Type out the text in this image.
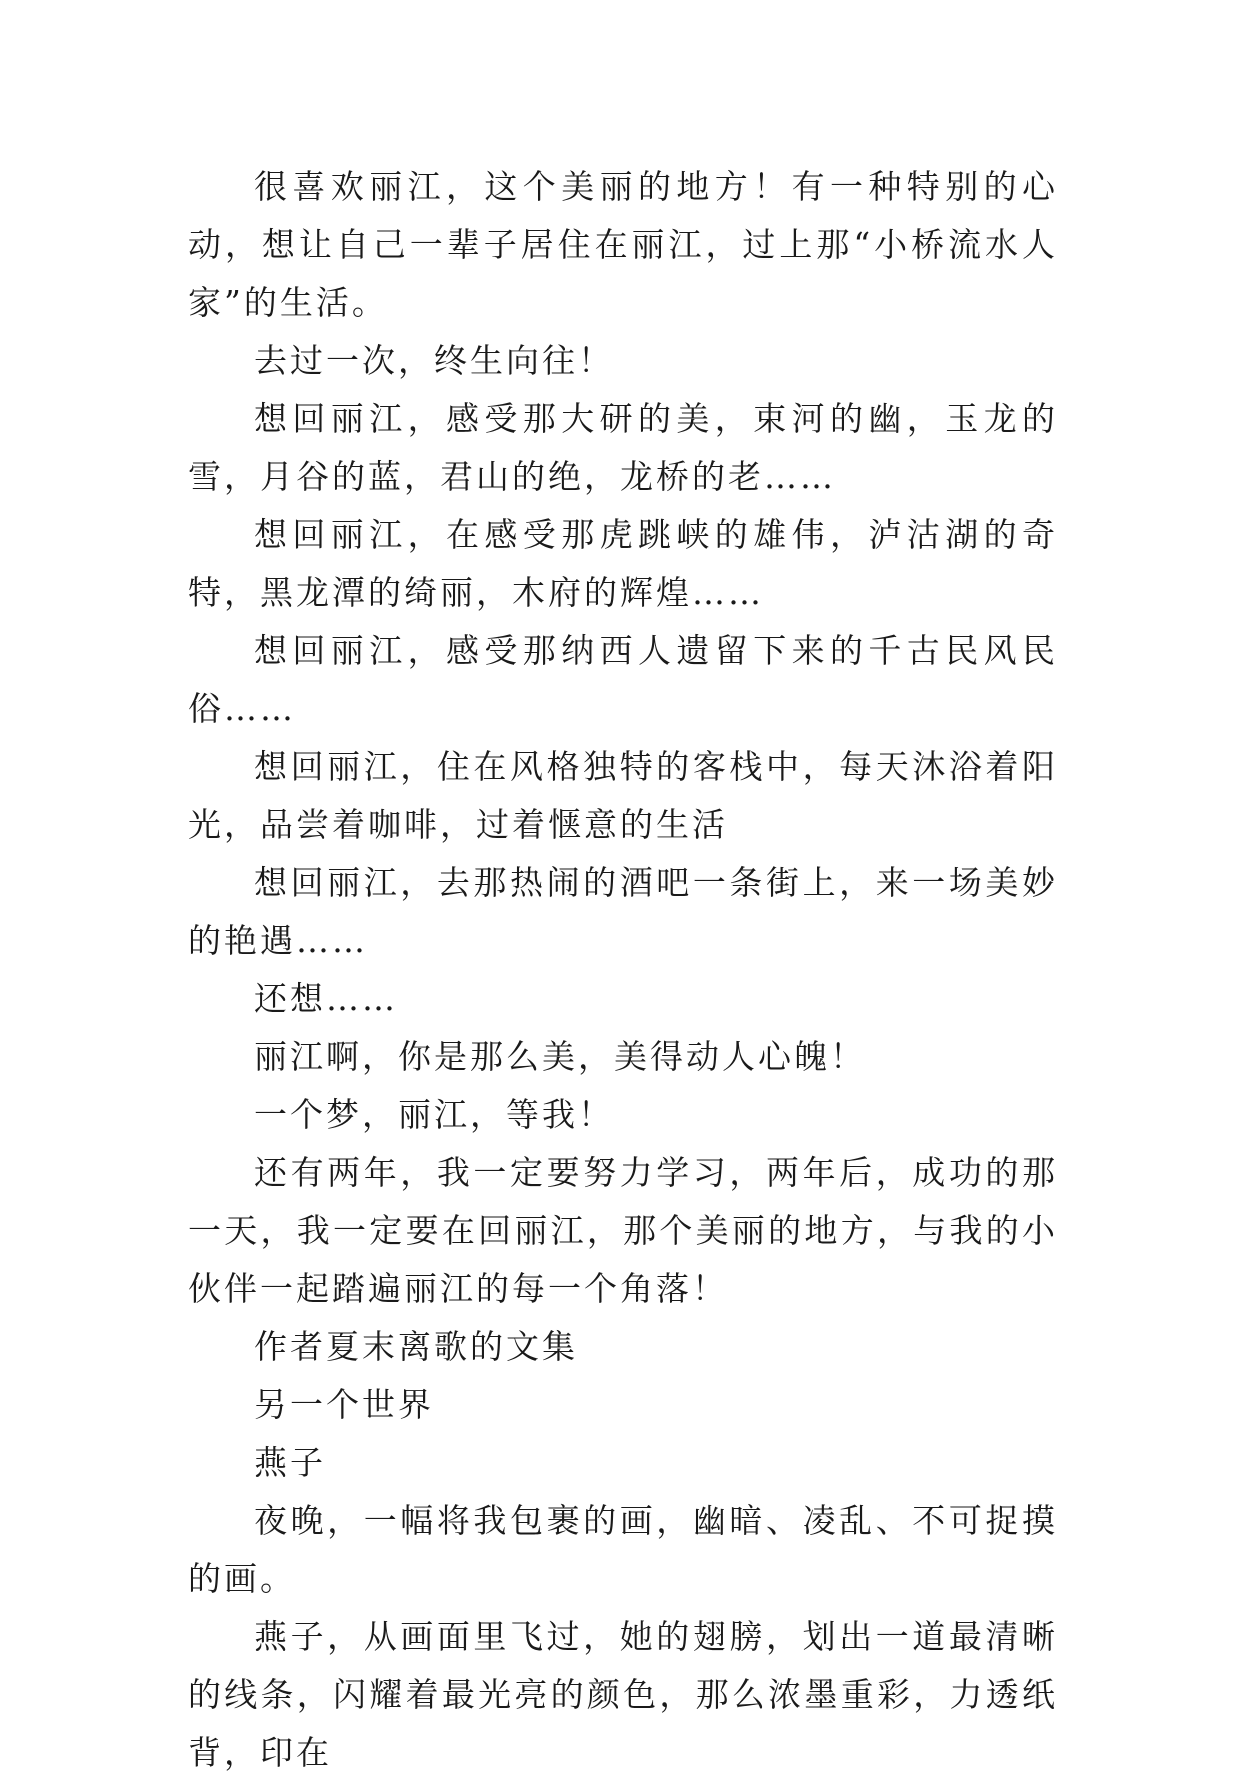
很喜欢丽江，这个美丽的地方！有一种特别的心动，想让自己一辈子居住在丽江，过上那“小桥流水人家”的生活。

去过一次，终生向往！

想回丽江，感受那大研的美，束河的幽，玉龙的雪，月谷的蓝，君山的绝，龙桥的老……

想回丽江，在感受那虎跳峡的雄伟，泸沽湖的奇特，黑龙潭的绮丽，木府的辉煌……

想回丽江，感受那纳西人遗留下来的千古民风民俗……

想回丽江，住在风格独特的客栈中，每天沐浴着阳光，品尝着咖啡，过着惬意的生活

想回丽江，去那热闹的酒吧一条街上，来一场美妙的艳遇……

还想……

丽江啊，你是那么美，美得动人心魄！

一个梦，丽江，等我！

还有两年，我一定要努力学习，两年后，成功的那一天，我一定要在回丽江，那个美丽的地方，与我的小伙伴一起踏遍丽江的每一个角落！

作者夏末离歌的文集

另一个世界

燕子

夜晚，一幅将我包裹的画，幽暗、凌乱、不可捉摸的画。

燕子，从画面里飞过，她的翅膀，划出一道最清晰的线条，闪耀着最光亮的颜色，那么浓墨重彩，力透纸背，印在
